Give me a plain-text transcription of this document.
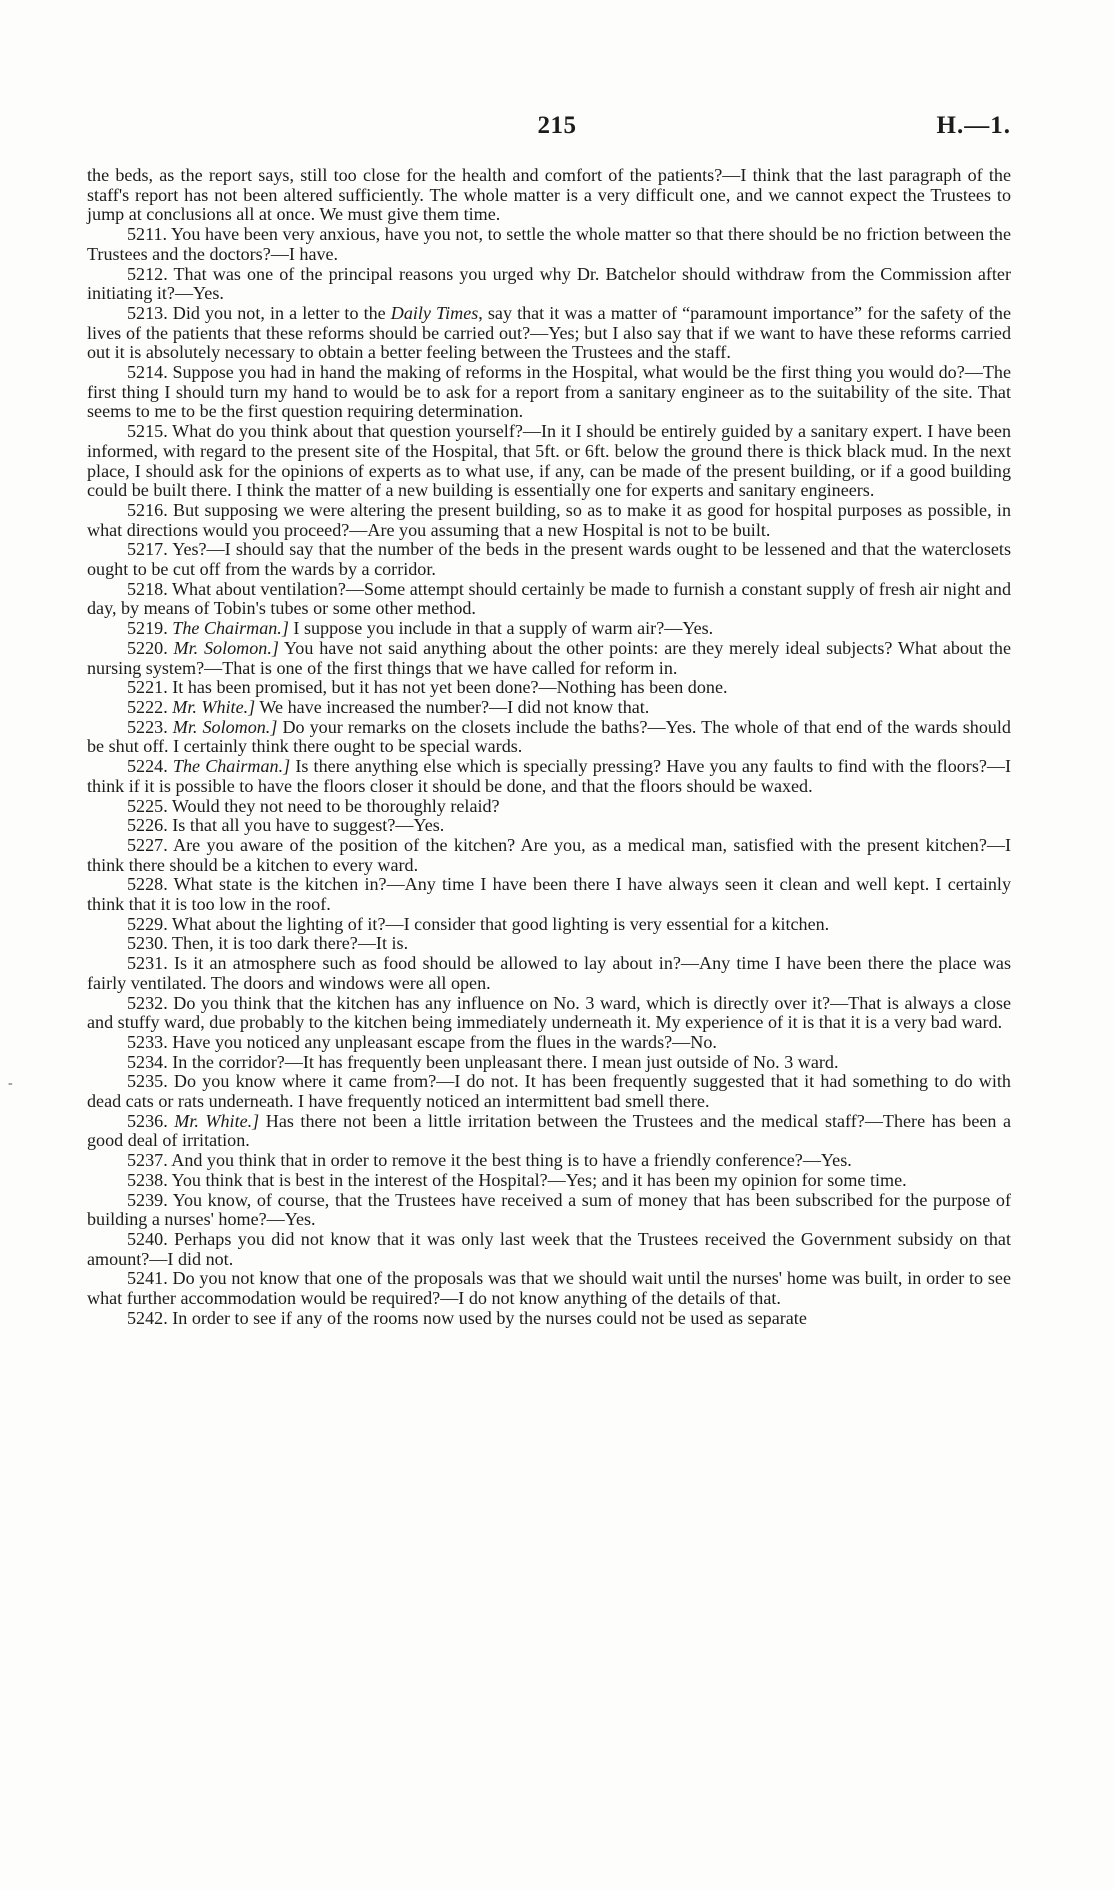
215	H.—1.
-

the beds, as the report says, still too close for the health and comfort of the patients?—I think that the last paragraph of the staff's report has not been altered sufficiently. The whole matter is a very difficult one, and we cannot expect the Trustees to jump at conclusions all at once. We must give them time.

5211. You have been very anxious, have you not, to settle the whole matter so that there should be no friction between the Trustees and the doctors?—I have.

5212. That was one of the principal reasons you urged why Dr. Batchelor should withdraw from the Commission after initiating it?—Yes.

5213. Did you not, in a letter to the Daily Times, say that it was a matter of “paramount importance” for the safety of the lives of the patients that these reforms should be carried out?—Yes; but I also say that if we want to have these reforms carried out it is absolutely necessary to obtain a better feeling between the Trustees and the staff.

5214. Suppose you had in hand the making of reforms in the Hospital, what would be the first thing you would do?—The first thing I should turn my hand to would be to ask for a report from a sanitary engineer as to the suitability of the site. That seems to me to be the first question requiring determination.

5215. What do you think about that question yourself?—In it I should be entirely guided by a sanitary expert. I have been informed, with regard to the present site of the Hospital, that 5ft. or 6ft. below the ground there is thick black mud. In the next place, I should ask for the opinions of experts as to what use, if any, can be made of the present building, or if a good building could be built there. I think the matter of a new building is essentially one for experts and sanitary engineers.

5216. But supposing we were altering the present building, so as to make it as good for hospital purposes as possible, in what directions would you proceed?—Are you assuming that a new Hospital is not to be built.

5217. Yes?—I should say that the number of the beds in the present wards ought to be lessened and that the waterclosets ought to be cut off from the wards by a corridor.

5218. What about ventilation?—Some attempt should certainly be made to furnish a constant supply of fresh air night and day, by means of Tobin's tubes or some other method.

5219. The Chairman.] I suppose you include in that a supply of warm air?—Yes.

5220. Mr. Solomon.] You have not said anything about the other points: are they merely ideal subjects? What about the nursing system?—That is one of the first things that we have called for reform in.

5221. It has been promised, but it has not yet been done?—Nothing has been done.

5222. Mr. White.] We have increased the number?—I did not know that.

5223. Mr. Solomon.] Do your remarks on the closets include the baths?—Yes. The whole of that end of the wards should be shut off. I certainly think there ought to be special wards.

5224. The Chairman.] Is there anything else which is specially pressing? Have you any faults to find with the floors?—I think if it is possible to have the floors closer it should be done, and that the floors should be waxed.

5225. Would they not need to be thoroughly relaid?

5226. Is that all you have to suggest?—Yes.

5227. Are you aware of the position of the kitchen? Are you, as a medical man, satisfied with the present kitchen?—I think there should be a kitchen to every ward.

5228. What state is the kitchen in?—Any time I have been there I have always seen it clean and well kept. I certainly think that it is too low in the roof.

5229. What about the lighting of it?—I consider that good lighting is very essential for a kitchen.

5230. Then, it is too dark there?—It is.

5231. Is it an atmosphere such as food should be allowed to lay about in?—Any time I have been there the place was fairly ventilated. The doors and windows were all open.

5232. Do you think that the kitchen has any influence on No. 3 ward, which is directly over it?—That is always a close and stuffy ward, due probably to the kitchen being immediately underneath it. My experience of it is that it is a very bad ward.

5233. Have you noticed any unpleasant escape from the flues in the wards?—No.

5234. In the corridor?—It has frequently been unpleasant there. I mean just outside of No. 3 ward.

5235. Do you know where it came from?—I do not. It has been frequently suggested that it had something to do with dead cats or rats underneath. I have frequently noticed an intermittent bad smell there.

5236. Mr. White.] Has there not been a little irritation between the Trustees and the medical staff?—There has been a good deal of irritation.

5237. And you think that in order to remove it the best thing is to have a friendly conference?—Yes.

5238. You think that is best in the interest of the Hospital?—Yes; and it has been my opinion for some time.

5239. You know, of course, that the Trustees have received a sum of money that has been subscribed for the purpose of building a nurses' home?—Yes.

5240. Perhaps you did not know that it was only last week that the Trustees received the Government subsidy on that amount?—I did not.

5241. Do you not know that one of the proposals was that we should wait until the nurses' home was built, in order to see what further accommodation would be required?—I do not know anything of the details of that.

5242. In order to see if any of the rooms now used by the nurses could not be used as separate
